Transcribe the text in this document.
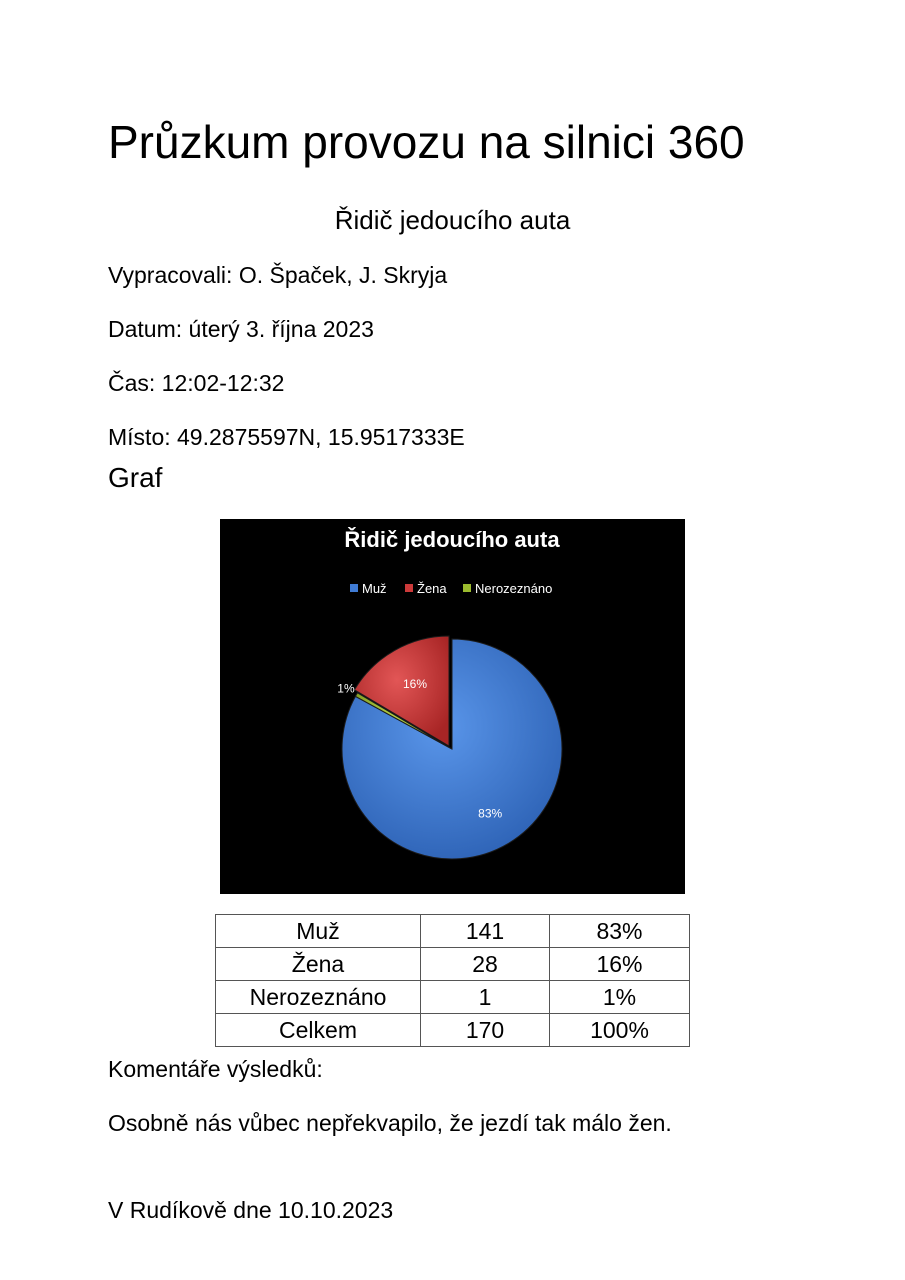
Průzkum provozu na silnici 360
Řidič jedoucího auta
Vypracovali: O. Špaček, J. Skryja
Datum: úterý 3. října 2023
Čas: 12:02-12:32
Místo: 49.2875597N, 15.9517333E
Graf
Řidič jedoucího auta
Muž Žena Nerozeznáno
83%
1%	16%
Muž	141	83%
Žena	28	16%
Nerozeznáno	1	1%
Celkem	170	100%
Komentáře výsledků:
Osobně nás vůbec nepřekvapilo, že jezdí tak málo žen.
V Rudíkově dne 10.10.2023
